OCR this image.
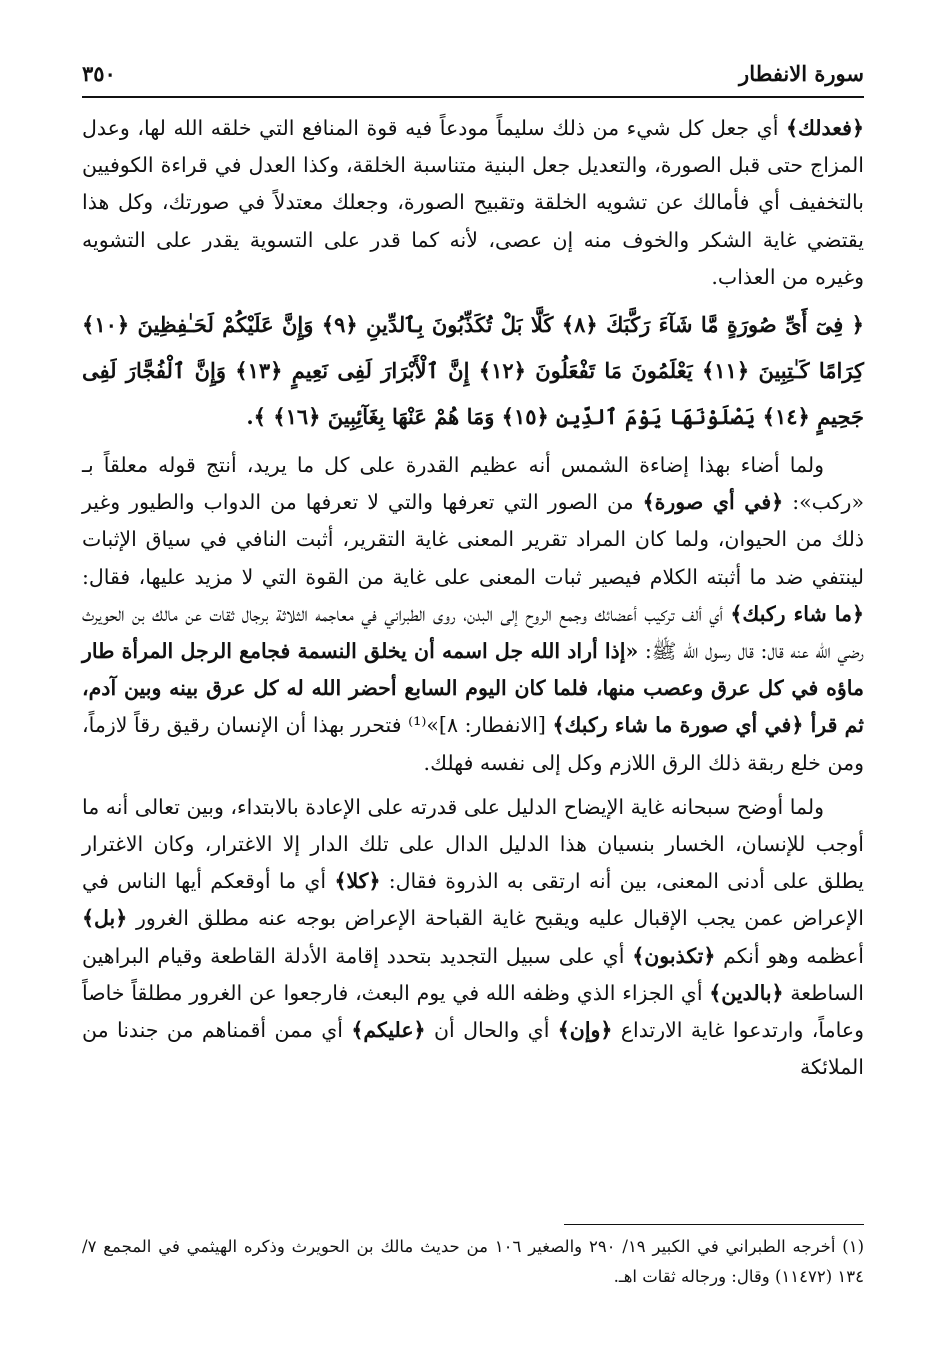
سورة الانفطار
٣٥٠

﴿فعدلك﴾ أي جعل كل شيء من ذلك سليماً مودعاً فيه قوة المنافع التي خلقه الله لها، وعدل المزاج حتى قبل الصورة، والتعديل جعل البنية متناسبة الخلقة، وكذا العدل في قراءة الكوفيين بالتخفيف أي فأمالك عن تشويه الخلقة وتقبيح الصورة، وجعلك معتدلاً في صورتك، وكل هذا يقتضي غاية الشكر والخوف منه إن عصى، لأنه كما قدر على التسوية يقدر على التشويه وغيره من العذاب.

﴿ فِىٓ أَىِّ صُورَةٍ مَّا شَآءَ رَكَّبَكَ ﴿٨﴾ كَلَّا بَلْ تُكَذِّبُونَ بِٱلدِّينِ ﴿٩﴾ وَإِنَّ عَلَيْكُمْ لَحَـٰفِظِينَ ﴿١٠﴾ كِرَامًا كَـٰتِبِينَ ﴿١١﴾ يَعْلَمُونَ مَا تَفْعَلُونَ ﴿١٢﴾ إِنَّ ٱلْأَبْرَارَ لَفِى نَعِيمٍ ﴿١٣﴾ وَإِنَّ ٱلْفُجَّارَ لَفِى جَحِيمٍ ﴿١٤﴾ يَصْلَوْنَهَا يَوْمَ ٱلدِّينِ ﴿١٥﴾ وَمَا هُمْ عَنْهَا بِغَآئِبِينَ ﴿١٦﴾ ﴾.

ولما أضاء بهذا إضاءة الشمس أنه عظيم القدرة على كل ما يريد، أنتج قوله معلقاً بـ «ركب»: ﴿في أي صورة﴾ من الصور التي تعرفها والتي لا تعرفها من الدواب والطيور وغير ذلك من الحيوان، ولما كان المراد تقرير المعنى غاية التقرير، أثبت النافي في سياق الإثبات لينتفي ضد ما أثبته الكلام فيصير ثبات المعنى على غاية من القوة التي لا مزيد عليها، فقال: ﴿ما شاء ركبك﴾ أي ألف تركيب أعضائك وجمع الروح إلى البدن، روى الطبراني في معاجمه الثلاثة برجال ثقات عن مالك بن الحويرث رضي الله عنه قال: قال رسول الله ﷺ: «إذا أراد الله جل اسمه أن يخلق النسمة فجامع الرجل المرأة طار ماؤه في كل عرق وعصب منها، فلما كان اليوم السابع أحضر الله له كل عرق بينه وبين آدم، ثم قرأ ﴿في أي صورة ما شاء ركبك﴾ [الانفطار: ٨]»⁽¹⁾ فتحرر بهذا أن الإنسان رقيق رقاً لازماً، ومن خلع ربقة ذلك الرق اللازم وكل إلى نفسه فهلك.

ولما أوضح سبحانه غاية الإيضاح الدليل على قدرته على الإعادة بالابتداء، وبين تعالى أنه ما أوجب للإنسان، الخسار بنسيان هذا الدليل الدال على تلك الدار إلا الاغترار، وكان الاغترار يطلق على أدنى المعنى، بين أنه ارتقى به الذروة فقال: ﴿كلا﴾ أي ما أوقعكم أيها الناس في الإعراض عمن يجب الإقبال عليه ويقبح غاية القباحة الإعراض بوجه عنه مطلق الغرور ﴿بل﴾ أعظمه وهو أنكم ﴿تكذبون﴾ أي على سبيل التجديد بتحدد إقامة الأدلة القاطعة وقيام البراهين الساطعة ﴿بالدين﴾ أي الجزاء الذي وظفه الله في يوم البعث، فارجعوا عن الغرور مطلقاً خاصاً وعاماً، وارتدعوا غاية الارتداع ﴿وإن﴾ أي والحال أن ﴿عليكم﴾ أي ممن أقمناهم من جندنا من الملائكة

(١) أخرجه الطبراني في الكبير ١٩/ ٢٩٠ والصغير ١٠٦ من حديث مالك بن الحويرث وذكره الهيثمي في المجمع ٧/ ١٣٤ (١١٤٧٢) وقال: ورجاله ثقات اهـ.
